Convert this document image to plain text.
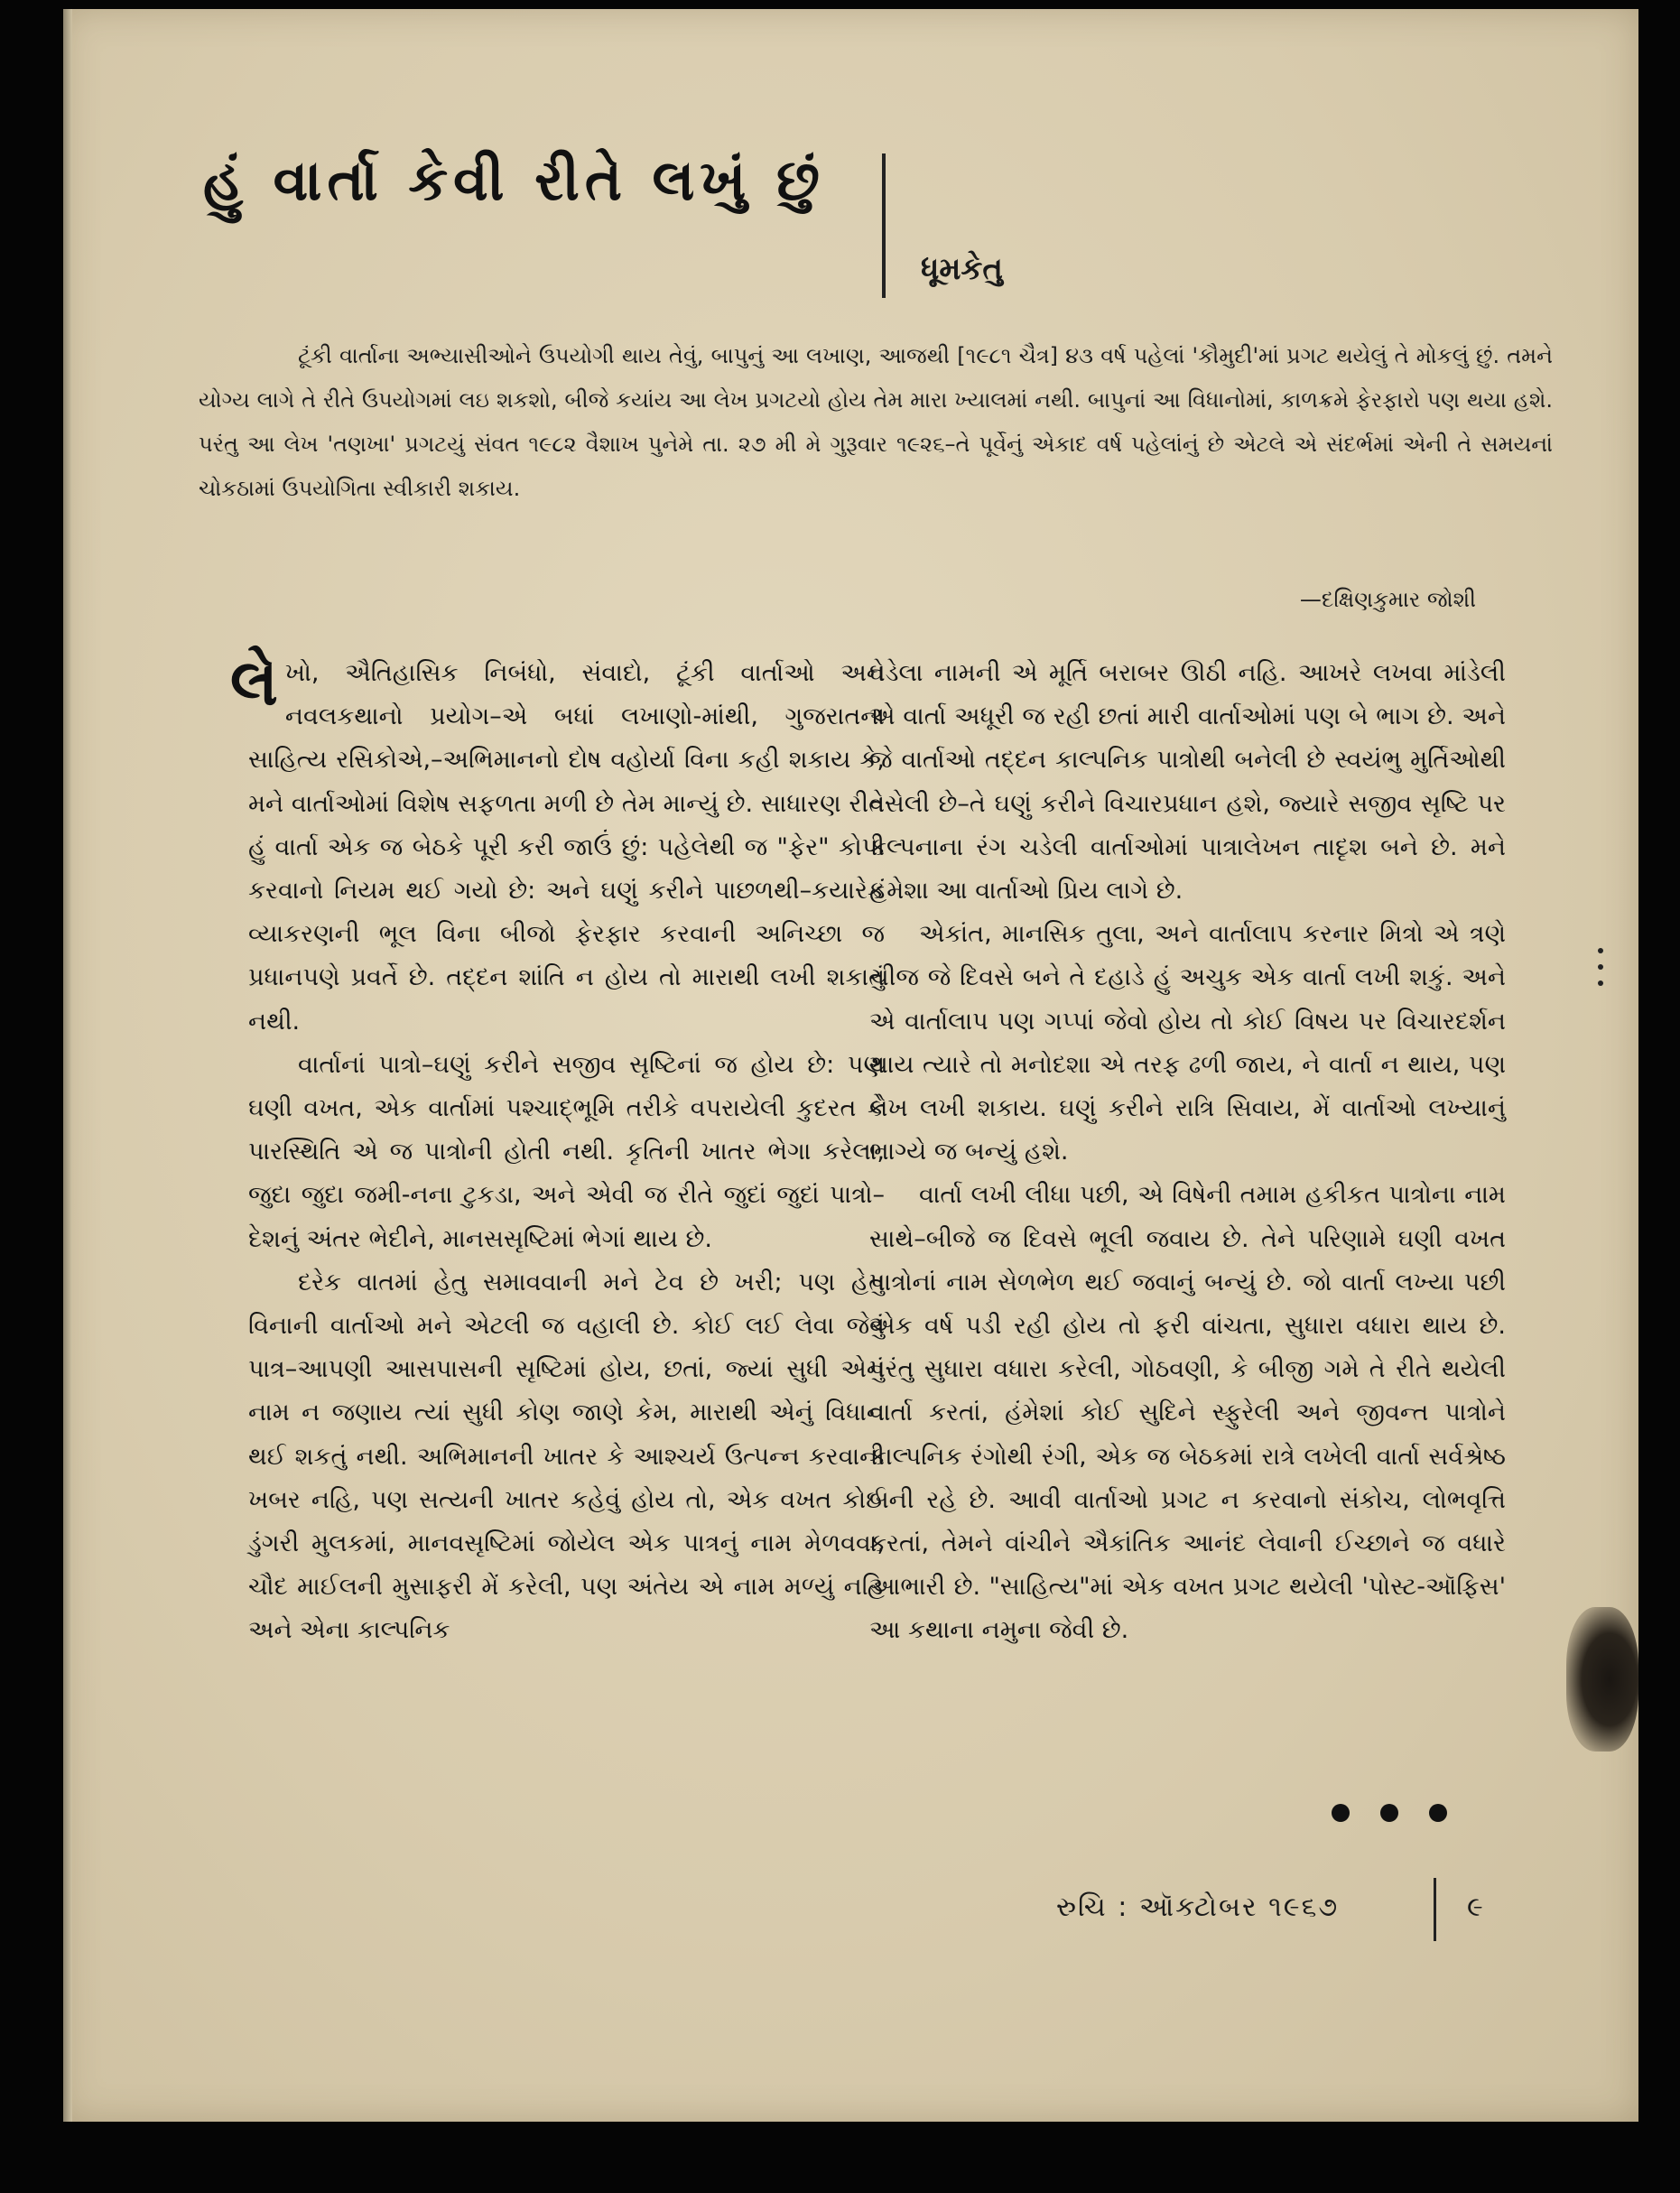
હું વાર્તા કેવી રીતે લખું છું
ધૂમકેતુ

ટૂંકી વાર્તાના અભ્યાસીઓને ઉપયોગી થાય તેવું, બાપુનું આ લખાણ, આજથી [૧૯૮૧ ચૈત્ર] ૪૩ વર્ષ પહેલાં 'કૌમુદી'માં પ્રગટ થયેલું તે મોકલું છું. તમને યોગ્ય લાગે તે રીતે ઉપયોગમાં લઇ શકશો, બીજે કયાંય આ લેખ પ્રગટયો હોય તેમ મારા ખ્યાલમાં નથી. બાપુનાં આ વિધાનોમાં, કાળક્રમે ફેરફારો પણ થયા હશે. પરંતુ આ લેખ 'તણખા' પ્રગટયું સંવત ૧૯૮૨ વૈશાખ પુનેમે તા. ૨૭ મી મે ગુરૂવાર ૧૯૨૬–તે પૂર્વેનું એકાદ વર્ષ પહેલાંનું છે એટલે એ સંદર્ભમાં એની તે સમયનાં ચોકઠામાં ઉપયોગિતા સ્વીકારી શકાય.

—દક્ષિણકુમાર જોશી

લેખો, ઐતિહાસિક નિબંધો, સંવાદો, ટૂંકી વાર્તાઓ અને નવલકથાનો પ્રયોગ–એ બધાં લખાણો-માંથી, ગુજરાતના સાહિત્ય રસિકોએ,–અભિમાનનો દોષ વહોર્યા વિના કહી શકાય કે, મને વાર્તાઓમાં વિશેષ સફળતા મળી છે તેમ માન્યું છે. સાધારણ રીતે હું વાર્તા એક જ બેઠકે પૂરી કરી જાઉં છું: પહેલેથી જ "ફેર" કોપી કરવાનો નિયમ થઈ ગયો છે: અને ઘણું કરીને પાછળથી–કયારેક વ્યાકરણની ભૂલ વિના બીજો ફેરફાર કરવાની અનિચ્છા જ પ્રધાનપણે પ્રવર્તે છે. તદ્દન શાંતિ ન હોય તો મારાથી લખી શકાતું નથી.

વાર્તાનાં પાત્રો–ઘણું કરીને સજીવ સૃષ્ટિનાં જ હોય છે: પણ ઘણી વખત, એક વાર્તામાં પશ્ચાદ્‌ભૂમિ તરીકે વપરાયેલી કુદરત કે પારસ્થિતિ એ જ પાત્રોની હોતી નથી. કૃતિની ખાતર ભેગા કરેલા, જુદા જુદા જમી-નના ટુકડા, અને એવી જ રીતે જુદાં જુદાં પાત્રો–દેશનું અંતર ભેદીને, માનસસૃષ્ટિમાં ભેગાં થાય છે.

દરેક વાતમાં હેતુ સમાવવાની મને ટેવ છે ખરી; પણ હેતુ વિનાની વાર્તાઓ મને એટલી જ વહાલી છે. કોઈ લઈ લેવા જેવું પાત્ર–આપણી આસપાસની સૃષ્ટિમાં હોય, છતાં, જ્યાં સુધી એનું નામ ન જણાય ત્યાં સુધી કોણ જાણે કેમ, મારાથી એનું વિધાન થઈ શકતું નથી. અભિમાનની ખાતર કે આશ્ચર્ય ઉત્પન્ન કરવાની ખબર નહિ, પણ સત્યની ખાતર કહેવું હોય તો, એક વખત કોઈ ડુંગરી મુલકમાં, માનવસૃષ્ટિમાં જોયેલ એક પાત્રનું નામ મેળવવા, ચૌદ માઈલની મુસાફરી મેં કરેલી, પણ અંતેય એ નામ મળ્યું નહિ અને એના કાલ્પનિક

ઘડેલા નામની એ મૂર્તિ બરાબર ઊઠી નહિ. આખરે લખવા માંડેલી એ વાર્તા અધૂરી જ રહી છતાં મારી વાર્તાઓમાં પણ બે ભાગ છે. અને જે વાર્તાઓ તદ્દન કાલ્પનિક પાત્રોથી બનેલી છે સ્વયંભુ મુર્તિઓથી વસેલી છે–તે ઘણું કરીને વિચારપ્રધાન હશે, જ્યારે સજીવ સૃષ્ટિ પર કલ્પનાના રંગ ચડેલી વાર્તાઓમાં પાત્રાલેખન તાદૃશ બને છે. મને હંમેશા આ વાર્તાઓ પ્રિય લાગે છે.

એકાંત, માનસિક તુલા, અને વાર્તાલાપ કરનાર મિત્રો એ ત્રણે ચીજ જે દિવસે બને તે દહાડે હું અચુક એક વાર્તા લખી શકું. અને એ વાર્તાલાપ પણ ગપ્પાં જેવો હોય તો કોઈ વિષય પર વિચારદર્શન થાય ત્યારે તો મનોદશા એ તરફ ઢળી જાય, ને વાર્તા ન થાય, પણ લેખ લખી શકાય. ઘણું કરીને રાત્રિ સિવાય, મેં વાર્તાઓ લખ્યાનું ભાગ્યે જ બન્યું હશે.

વાર્તા લખી લીધા પછી, એ વિષેની તમામ હકીકત પાત્રોના નામ સાથે–બીજે જ દિવસે ભૂલી જવાય છે. તેને પરિણામે ઘણી વખત પાત્રોનાં નામ સેળભેળ થઈ જવાનું બન્યું છે. જો વાર્તા લખ્યા પછી એક વર્ષ પડી રહી હોય તો ફરી વાંચતા, સુધારા વધારા થાય છે. પરંતુ સુધારા વધારા કરેલી, ગોઠવણી, કે બીજી ગમે તે રીતે થયેલી વાર્તા કરતાં, હંમેશાં કોઈ સુદિને સ્ફુરેલી અને જીવન્ત પાત્રોને કાલ્પનિક રંગોથી રંગી, એક જ બેઠકમાં રાત્રે લખેલી વાર્તા સર્વશ્રેષ્ઠ બની રહે છે. આવી વાર્તાઓ પ્રગટ ન કરવાનો સંકોચ, લોભવૃત્તિ કરતાં, તેમને વાંચીને ઐકાંતિક આનંદ લેવાની ઈચ્છાને જ વધારે આભારી છે. "સાહિત્ય"માં એક વખત પ્રગટ થયેલી 'પોસ્ટ-ઑફિસ' આ કથાના નમુના જેવી છે.

રુચિ : ઑક્ટોબર ૧૯૬૭	૯
